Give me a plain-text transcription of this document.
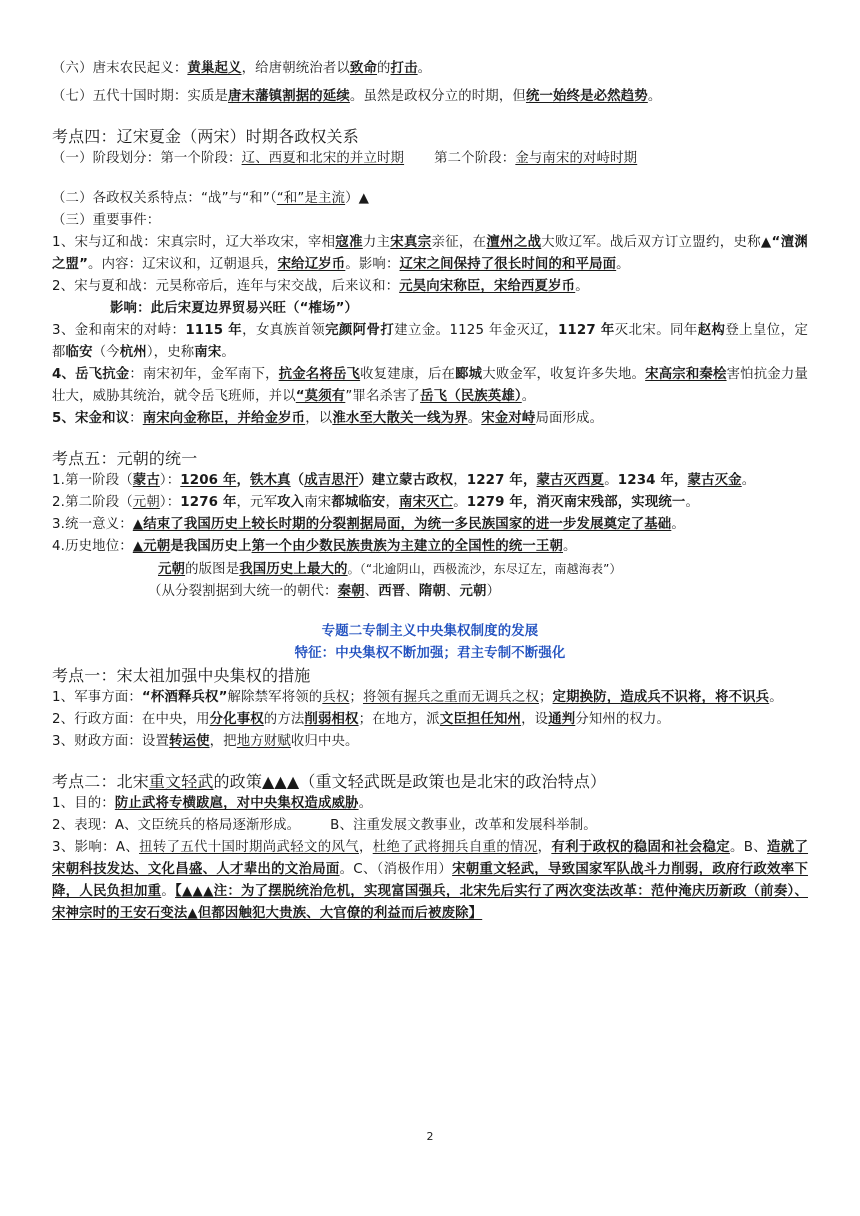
（六）唐末农民起义：黄巢起义，给唐朝统治者以致命的打击。

（七）五代十国时期：实质是唐末藩镇割据的延续。虽然是政权分立的时期，但统一始终是必然趋势。

考点四：辽宋夏金（两宋）时期各政权关系

（一）阶段划分：第一个阶段：辽、西夏和北宋的并立时期 第二个阶段：金与南宋的对峙时期

（二）各政权关系特点：“战”与“和”（“和”是主流）▲

（三）重要事件：

1、宋与辽和战：宋真宗时，辽大举攻宋，宰相寇准力主宋真宗亲征，在澶州之战大败辽军。战后双方订立盟约，史称▲“澶渊之盟”。内容：辽宋议和，辽朝退兵，宋给辽岁币。影响：辽宋之间保持了很长时间的和平局面。

2、宋与夏和战：元昊称帝后，连年与宋交战，后来议和：元昊向宋称臣，宋给西夏岁币。

影响：此后宋夏边界贸易兴旺（“榷场”）

3、金和南宋的对峙：1115 年，女真族首领完颜阿骨打建立金。1125 年金灭辽，1127 年灭北宋。同年赵构登上皇位，定都临安（今杭州），史称南宋。

4、岳飞抗金：南宋初年，金军南下，抗金名将岳飞收复建康，后在郾城大败金军，收复许多失地。宋高宗和秦桧害怕抗金力量壮大，威胁其统治，就令岳飞班师，并以“莫须有”罪名杀害了岳飞（民族英雄）。

5、宋金和议：南宋向金称臣，并给金岁币，以淮水至大散关一线为界。宋金对峙局面形成。

考点五：元朝的统一

1.第一阶段（蒙古）：1206 年，铁木真（成吉思汗）建立蒙古政权，1227 年，蒙古灭西夏。1234 年，蒙古灭金。

2.第二阶段（元朝）：1276 年，元军攻入南宋都城临安，南宋灭亡。1279 年，消灭南宋残部，实现统一。

3.统一意义：▲结束了我国历史上较长时期的分裂割据局面，为统一多民族国家的进一步发展奠定了基础。

4.历史地位：▲元朝是我国历史上第一个由少数民族贵族为主建立的全国性的统一王朝。

元朝的版图是我国历史上最大的。（“北逾阴山，西极流沙，东尽辽左，南越海表”）

（从分裂割据到大统一的朝代：秦朝、西晋、隋朝、元朝）

专题二专制主义中央集权制度的发展

特征：中央集权不断加强；君主专制不断强化

考点一：宋太祖加强中央集权的措施

1、军事方面：“杯酒释兵权”解除禁军将领的兵权；将领有握兵之重而无调兵之权；定期换防，造成兵不识将，将不识兵。

2、行政方面：在中央，用分化事权的方法削弱相权；在地方，派文臣担任知州，设通判分知州的权力。

3、财政方面：设置转运使，把地方财赋收归中央。

考点二：北宋重文轻武的政策▲▲▲（重文轻武既是政策也是北宋的政治特点）

1、目的：防止武将专横跋扈，对中央集权造成威胁。

2、表现：A、文臣统兵的格局逐渐形成。 B、注重发展文教事业，改革和发展科举制。

3、影响：A、扭转了五代十国时期尚武轻文的风气，杜绝了武将拥兵自重的情况，有利于政权的稳固和社会稳定。B、造就了宋朝科技发达、文化昌盛、人才辈出的文治局面。C、（消极作用）宋朝重文轻武，导致国家军队战斗力削弱，政府行政效率下降，人民负担加重。【▲▲▲注：为了摆脱统治危机，实现富国强兵，北宋先后实行了两次变法改革：范仲淹庆历新政（前奏）、宋神宗时的王安石变法▲但都因触犯大贵族、大官僚的利益而后被废除】

2
